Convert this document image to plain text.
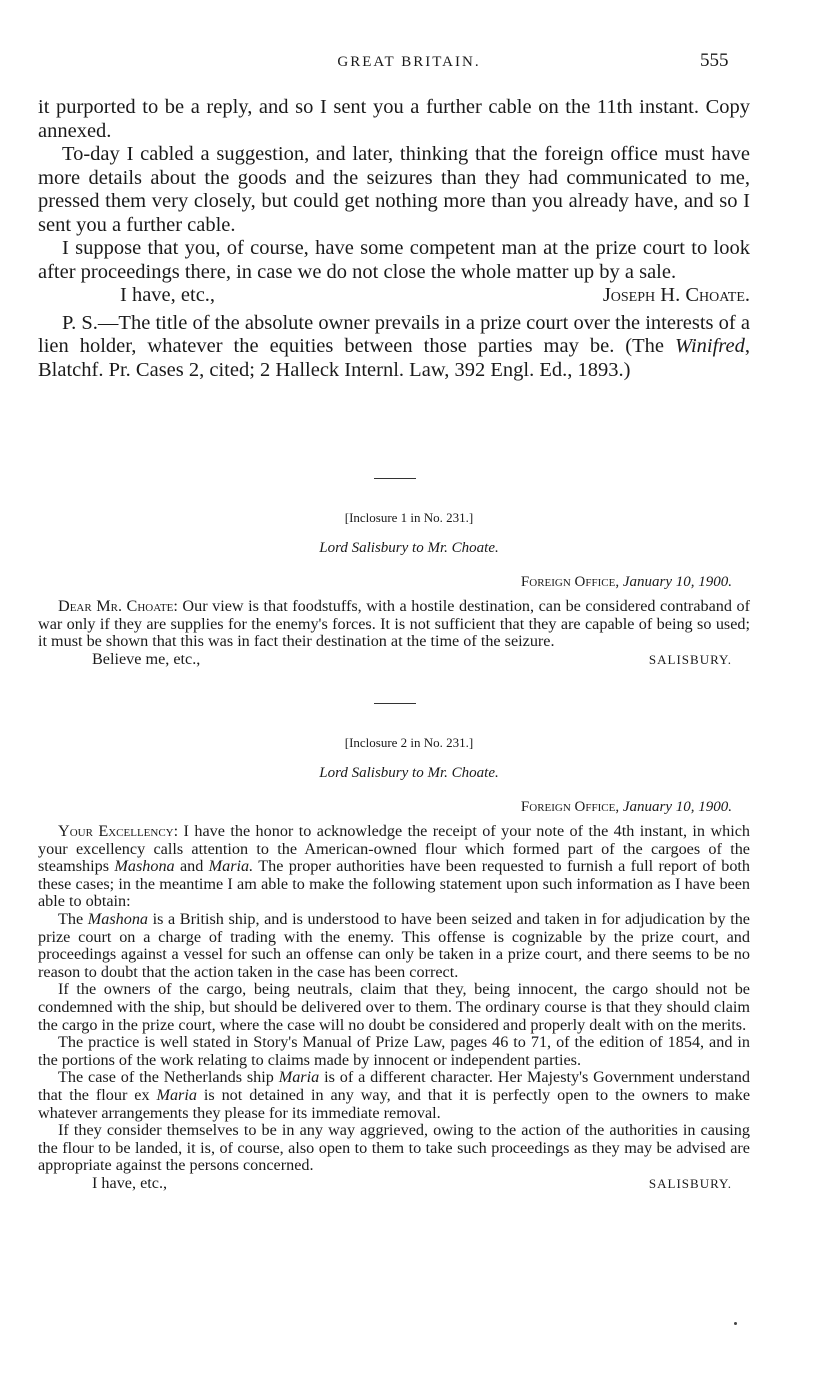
GREAT BRITAIN.	555

it purported to be a reply, and so I sent you a further cable on the 11th instant. Copy annexed.

To-day I cabled a suggestion, and later, thinking that the foreign office must have more details about the goods and the seizures than they had communicated to me, pressed them very closely, but could get nothing more than you already have, and so I sent you a further cable.

I suppose that you, of course, have some competent man at the prize court to look after proceedings there, in case we do not close the whole matter up by a sale.

I have, etc.,	Joseph H. Choate.

P. S.—The title of the absolute owner prevails in a prize court over the interests of a lien holder, whatever the equities between those parties may be. (The Winifred, Blatchf. Pr. Cases 2, cited; 2 Halleck Internl. Law, 392 Engl. Ed., 1893.)

[Inclosure 1 in No. 231.]
Lord Salisbury to Mr. Choate.
Foreign Office, January 10, 1900.

Dear Mr. Choate: Our view is that foodstuffs, with a hostile destination, can be considered contraband of war only if they are supplies for the enemy's forces. It is not sufficient that they are capable of being so used; it must be shown that this was in fact their destination at the time of the seizure.

Believe me, etc.,	SALISBURY.
[Inclosure 2 in No. 231.]
Lord Salisbury to Mr. Choate.
Foreign Office, January 10, 1900.

Your Excellency: I have the honor to acknowledge the receipt of your note of the 4th instant, in which your excellency calls attention to the American-owned flour which formed part of the cargoes of the steamships Mashona and Maria. The proper authorities have been requested to furnish a full report of both these cases; in the meantime I am able to make the following statement upon such information as I have been able to obtain:

The Mashona is a British ship, and is understood to have been seized and taken in for adjudication by the prize court on a charge of trading with the enemy. This offense is cognizable by the prize court, and proceedings against a vessel for such an offense can only be taken in a prize court, and there seems to be no reason to doubt that the action taken in the case has been correct.

If the owners of the cargo, being neutrals, claim that they, being innocent, the cargo should not be condemned with the ship, but should be delivered over to them. The ordinary course is that they should claim the cargo in the prize court, where the case will no doubt be considered and properly dealt with on the merits.

The practice is well stated in Story's Manual of Prize Law, pages 46 to 71, of the edition of 1854, and in the portions of the work relating to claims made by innocent or independent parties.

The case of the Netherlands ship Maria is of a different character. Her Majesty's Government understand that the flour ex Maria is not detained in any way, and that it is perfectly open to the owners to make whatever arrangements they please for its immediate removal.

If they consider themselves to be in any way aggrieved, owing to the action of the authorities in causing the flour to be landed, it is, of course, also open to them to take such proceedings as they may be advised are appropriate against the persons concerned.

I have, etc.,	SALISBURY.
